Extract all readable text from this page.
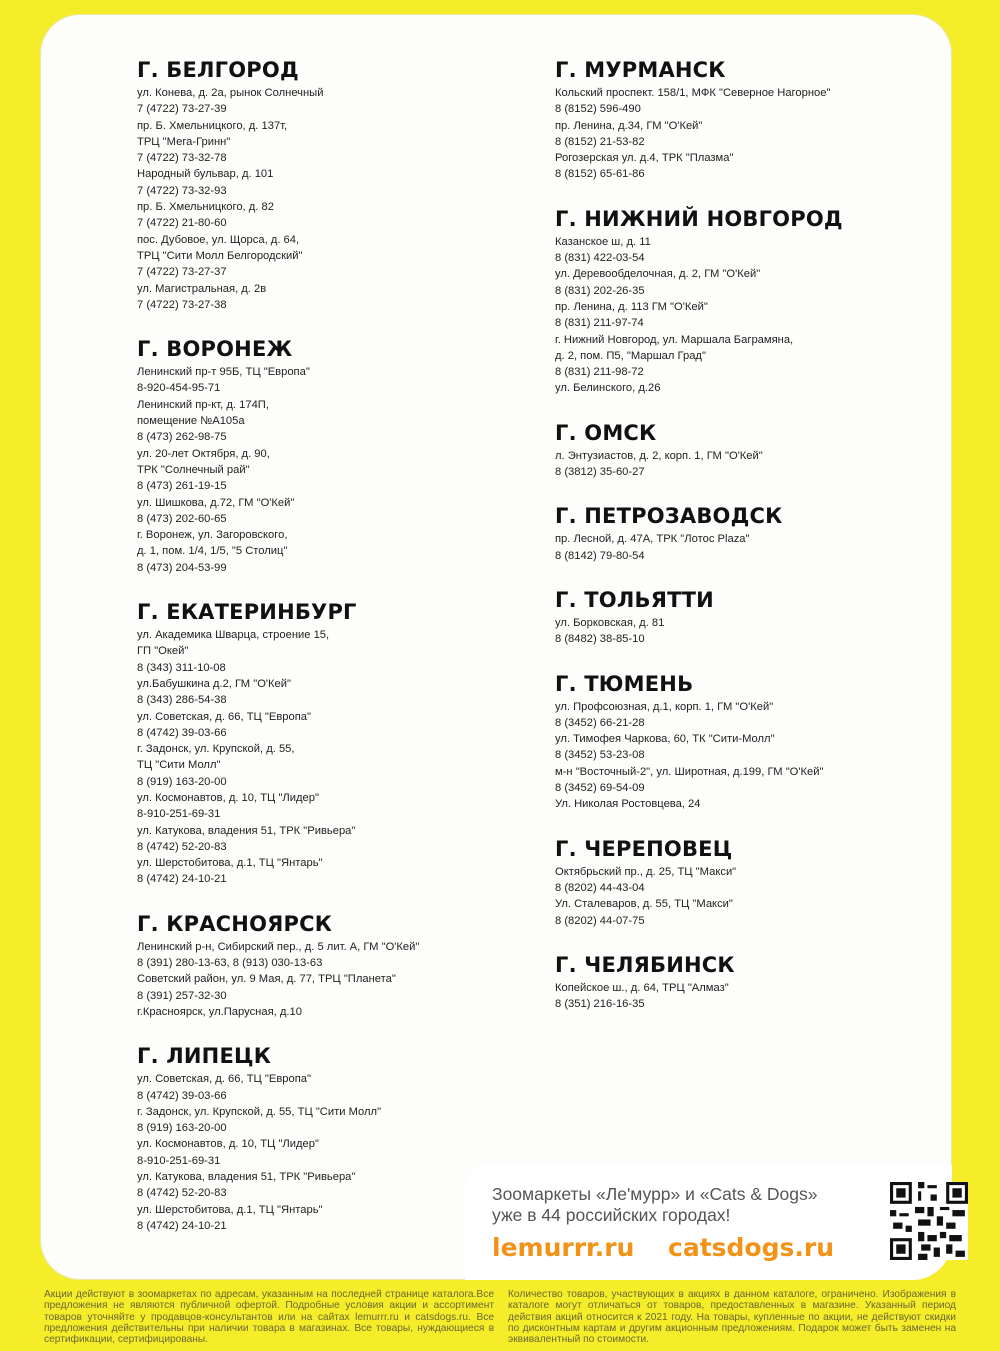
Г. БЕЛГОРОД
ул. Конева, д. 2а, рынок Солнечный
7 (4722) 73-27-39
пр. Б. Хмельницкого, д. 137т,
ТРЦ "Мега-Гринн"
7 (4722) 73-32-78
Народный бульвар, д. 101
7 (4722) 73-32-93
пр. Б. Хмельницкого, д. 82
7 (4722) 21-80-60
пос. Дубовое, ул. Щорса, д. 64,
ТРЦ "Сити Молл Белгородский"
7 (4722) 73-27-37
ул. Магистральная, д. 2в
7 (4722) 73-27-38
Г. ВОРОНЕЖ
Ленинский пр-т 95Б, ТЦ "Европа"
8-920-454-95-71
Ленинский пр-кт, д. 174П,
помещение №А105а
8 (473) 262-98-75
ул. 20-лет Октября, д. 90,
ТРК "Солнечный рай"
8 (473) 261-19-15
ул. Шишкова, д.72, ГМ "О'Кей"
8 (473) 202-60-65
г. Воронеж, ул. Загоровского,
д. 1, пом. 1/4, 1/5, "5 Столиц"
8 (473) 204-53-99
Г. ЕКАТЕРИНБУРГ
ул. Академика Шварца, строение 15,
ГП "Окей"
8 (343) 311-10-08
ул.Бабушкина д.2, ГМ "О'Кей"
8 (343) 286-54-38
ул. Советская, д. 66, ТЦ "Европа"
8 (4742) 39-03-66
г. Задонск, ул. Крупской, д. 55,
ТЦ "Сити Молл"
8 (919) 163-20-00
ул. Космонавтов, д. 10, ТЦ "Лидер"
8-910-251-69-31
ул. Катукова, владения 51, ТРК "Ривьера"
8 (4742) 52-20-83
ул. Шерстобитова, д.1, ТЦ "Янтарь"
8 (4742) 24-10-21
Г. КРАСНОЯРСК
Ленинский р-н, Сибирский пер., д. 5 лит. А, ГМ "О'Кей"
8 (391) 280-13-63, 8 (913) 030-13-63
Советский район, ул. 9 Мая, д. 77, ТРЦ "Планета"
8 (391) 257-32-30
г.Красноярск, ул.Парусная, д.10
Г. ЛИПЕЦК
ул. Советская, д. 66, ТЦ "Европа"
8 (4742) 39-03-66
г. Задонск, ул. Крупской, д. 55, ТЦ "Сити Молл"
8 (919) 163-20-00
ул. Космонавтов, д. 10, ТЦ "Лидер"
8-910-251-69-31
ул. Катукова, владения 51, ТРК "Ривьера"
8 (4742) 52-20-83
ул. Шерстобитова, д.1, ТЦ "Янтарь"
8 (4742) 24-10-21
Г. МУРМАНСК
Кольский проспект. 158/1, МФК "Северное Нагорное"
8 (8152) 596-490
пр. Ленина, д.34, ГМ "О'Кей"
8 (8152) 21-53-82
Рогозерская ул. д.4, ТРК "Плазма"
8 (8152) 65-61-86
Г. НИЖНИЙ НОВГОРОД
Казанское ш, д. 11
8 (831) 422-03-54
ул. Деревообделочная, д. 2, ГМ "О'Кей"
8 (831) 202-26-35
пр. Ленина, д. 113 ГМ "О'Кей"
8 (831) 211-97-74
г. Нижний Новгород, ул. Маршала Баграмяна,
д. 2, пом. П5, "Маршал Град"
8 (831) 211-98-72
ул. Белинского, д.26
Г. ОМСК
л. Энтузиастов, д. 2, корп. 1, ГМ "О'Кей"
8 (3812) 35-60-27
Г. ПЕТРОЗАВОДСК
пр. Лесной, д. 47А, ТРК "Лотос Plaza"
8 (8142) 79-80-54
Г. ТОЛЬЯТТИ
ул. Борковская, д. 81
8 (8482) 38-85-10
Г. ТЮМЕНЬ
ул. Профсоюзная, д.1, корп. 1, ГМ "О'Кей"
8 (3452) 66-21-28
ул. Тимофея Чаркова, 60, ТК "Сити-Молл"
8 (3452) 53-23-08
м-н "Восточный-2", ул. Широтная, д.199, ГМ "О'Кей"
8 (3452) 69-54-09
Ул. Николая Ростовцева, 24
Г. ЧЕРЕПОВЕЦ
Октябрьский пр., д. 25, ТЦ "Макси"
8 (8202) 44-43-04
Ул. Сталеваров, д. 55, ТЦ "Макси"
8 (8202) 44-07-75
Г. ЧЕЛЯБИНСК
Копейское ш., д. 64, ТРЦ "Алмаз"
8 (351) 216-16-35
Зоомаркеты «Ле'мурр» и «Cats & Dogs»
уже в 44 российских городах!
lemurrr.ru catsdogs.ru
Акции действуют в зоомаркетах по адресам, указанным на последней странице каталога.Все предложения не являются публичной офертой. Подробные условия акции и ассортимент товаров уточняйте у продавцов-консультантов или на сайтах lemurrr.ru и catsdogs.ru. Все предложения действительны при наличии товара в магазинах. Все товары, нуждающиеся в сертификации, сертифицированы.
Количество товаров, участвующих в акциях в данном каталоге, ограничено. Изображения в каталоге могут отличаться от товаров, предоставленных в магазине. Указанный период действия акций относится к 2021 году. На товары, купленные по акции, не действуют скидки по дисконтным картам и другим акционным предложениям. Подарок может быть заменен на эквивалентный по стоимости.
